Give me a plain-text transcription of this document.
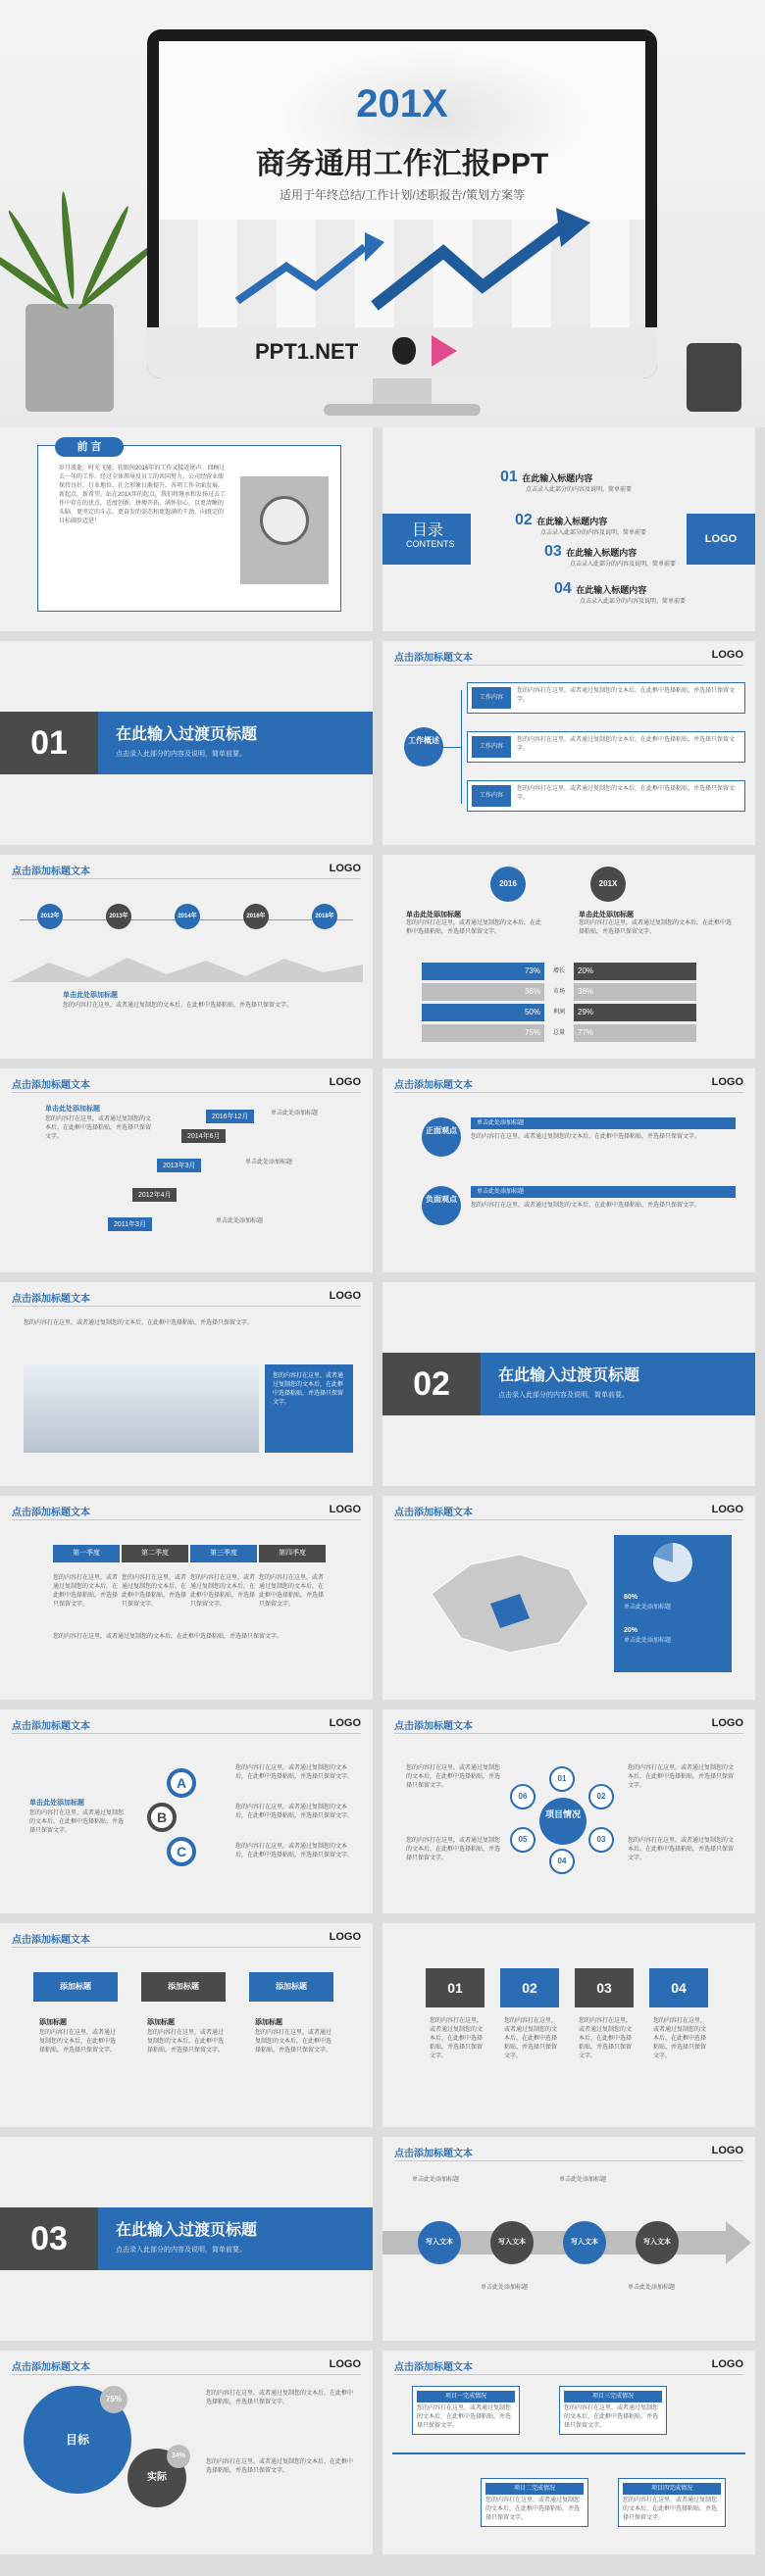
201X
商务通用工作汇报PPT
适用于年终总结/工作计划/述职报告/策划方案等
PPT1.NET
前 言
岁月流逝，时光飞驰，转眼间2016年的工作又接近尾声。回顾过去一年的工作，经过全体领导及员工的共同努力，公司经营业绩保持良好，行业地位、社会形象日渐提升，各项工作全面发展。新起点、新希望。站在201X年的起点，我们将继承和发扬过去工作中存在的优点，适度创新，拼搏开拓，满怀信心，以更清晰的头脑、更坚定的斗志、更奋发的姿态和更饱满的干劲，向既定的目标阔步迈进！
目录
CONTENTS	LOGO
01 在此输入标题内容
点击录入此部分的内容及说明，简单前要
02 在此输入标题内容
点击录入此部分的内容及说明，简单前要
03 在此输入标题内容
点击录入此部分的内容及说明，简单前要
04 在此输入标题内容
点击录入此部分的内容及说明，简单前要
01	在此输入过渡页标题
点击录入此部分的内容及说明，简单前要。
点击添加标题文本	LOGO
工作概述
工作内容
您的内容打在这里，或者通过复制您的文本后，在此框中选择粘贴，并选择只保留文字。
工作内容
您的内容打在这里，或者通过复制您的文本后，在此框中选择粘贴，并选择只保留文字。
工作内容
您的内容打在这里，或者通过复制您的文本后，在此框中选择粘贴，并选择只保留文字。
点击添加标题文本	LOGO
2012年	2013年	2014年	2016年	2018年
单击此处添加标题
您的内容打在这里，或者通过复制您的文本后，在此框中选择粘贴，并选择只保留文字。
2016	201X
单击此处添加标题
您的内容打在这里，或者通过复制您的文本后，在此框中选择粘贴，并选择只保留文字。
单击此处添加标题
您的内容打在这里，或者通过复制您的文本后，在此框中选择粘贴，并选择只保留文字。
73%	增长	20%
36%	市场	38%
50%	利润	29%
75%	总量	77%
点击添加标题文本	LOGO
单击此处添加标题
您的内容打在这里，或者通过复制您的文本后，在此框中选择粘贴，并选择只保留文字。
2016年12月
2014年6月
2013年3月
2012年4月
2011年3月
单击此处添加标题
单击此处添加标题
单击此处添加标题
点击添加标题文本	LOGO
正面观点
单击此处添加标题
您的内容打在这里，或者通过复制您的文本后，在此框中选择粘贴，并选择只保留文字。
负面观点
单击此处添加标题
您的内容打在这里，或者通过复制您的文本后，在此框中选择粘贴，并选择只保留文字。
点击添加标题文本	LOGO
您的内容打在这里，或者通过复制您的文本后，在此框中选择粘贴，并选择只保留文字。
您的内容打在这里，或者通过复制您的文本后，在此框中选择粘贴，并选择只保留文字。	02	在此输入过渡页标题
点击录入此部分的内容及说明，简单前要。
点击添加标题文本	LOGO
第一季度	第二季度	第三季度	第四季度
您的内容打在这里，或者通过复制您的文本后，在此框中选择粘贴，并选择只保留文字。
您的内容打在这里，或者通过复制您的文本后，在此框中选择粘贴，并选择只保留文字。
您的内容打在这里，或者通过复制您的文本后，在此框中选择粘贴，并选择只保留文字。
您的内容打在这里，或者通过复制您的文本后，在此框中选择粘贴，并选择只保留文字。
您的内容打在这里，或者通过复制您的文本后，在此框中选择粘贴，并选择只保留文字。
点击添加标题文本	LOGO
80%
单击此处添加标题
20%
单击此处添加标题
点击添加标题文本	LOGO
单击此处添加标题
您的内容打在这里，或者通过复制您的文本后，在此框中选择粘贴，并选择只保留文字。
A
B
C
您的内容打在这里，或者通过复制您的文本后，在此框中选择粘贴，并选择只保留文字。
您的内容打在这里，或者通过复制您的文本后，在此框中选择粘贴，并选择只保留文字。
您的内容打在这里，或者通过复制您的文本后，在此框中选择粘贴，并选择只保留文字。
点击添加标题文本	LOGO
项目情况
01
02
03
04
05
06
您的内容打在这里，或者通过复制您的文本后，在此框中选择粘贴，并选择只保留文字。
您的内容打在这里，或者通过复制您的文本后，在此框中选择粘贴，并选择只保留文字。
您的内容打在这里，或者通过复制您的文本后，在此框中选择粘贴，并选择只保留文字。
您的内容打在这里，或者通过复制您的文本后，在此框中选择粘贴，并选择只保留文字。
点击添加标题文本	LOGO
添加标题	添加标题	添加标题
添加标题
您的内容打在这里，或者通过复制您的文本后，在此框中选择粘贴，并选择只保留文字。
添加标题
您的内容打在这里，或者通过复制您的文本后，在此框中选择粘贴，并选择只保留文字。
添加标题
您的内容打在这里，或者通过复制您的文本后，在此框中选择粘贴，并选择只保留文字。
01	02	03	04
您的内容打在这里，或者通过复制您的文本后，在此框中选择粘贴，并选择只保留文字。
您的内容打在这里，或者通过复制您的文本后，在此框中选择粘贴，并选择只保留文字。
您的内容打在这里，或者通过复制您的文本后，在此框中选择粘贴，并选择只保留文字。
您的内容打在这里，或者通过复制您的文本后，在此框中选择粘贴，并选择只保留文字。
03	在此输入过渡页标题
点击录入此部分的内容及说明，简单前要。
点击添加标题文本	LOGO
写入文本	写入文本	写入文本	写入文本
单击此处添加标题	单击此处添加标题
单击此处添加标题	单击此处添加标题
点击添加标题文本	LOGO
目标
75%
实际
34%
您的内容打在这里，或者通过复制您的文本后，在此框中选择粘贴，并选择只保留文字。
您的内容打在这里，或者通过复制您的文本后，在此框中选择粘贴，并选择只保留文字。
点击添加标题文本	LOGO
项目一完成情况
您的内容打在这里，或者通过复制您的文本后，在此框中选择粘贴，并选择只保留文字。
项目三完成情况
您的内容打在这里，或者通过复制您的文本后，在此框中选择粘贴，并选择只保留文字。
项目二完成情况
您的内容打在这里，或者通过复制您的文本后，在此框中选择粘贴，并选择只保留文字。
项目四完成情况
您的内容打在这里，或者通过复制您的文本后，在此框中选择粘贴，并选择只保留文字。
